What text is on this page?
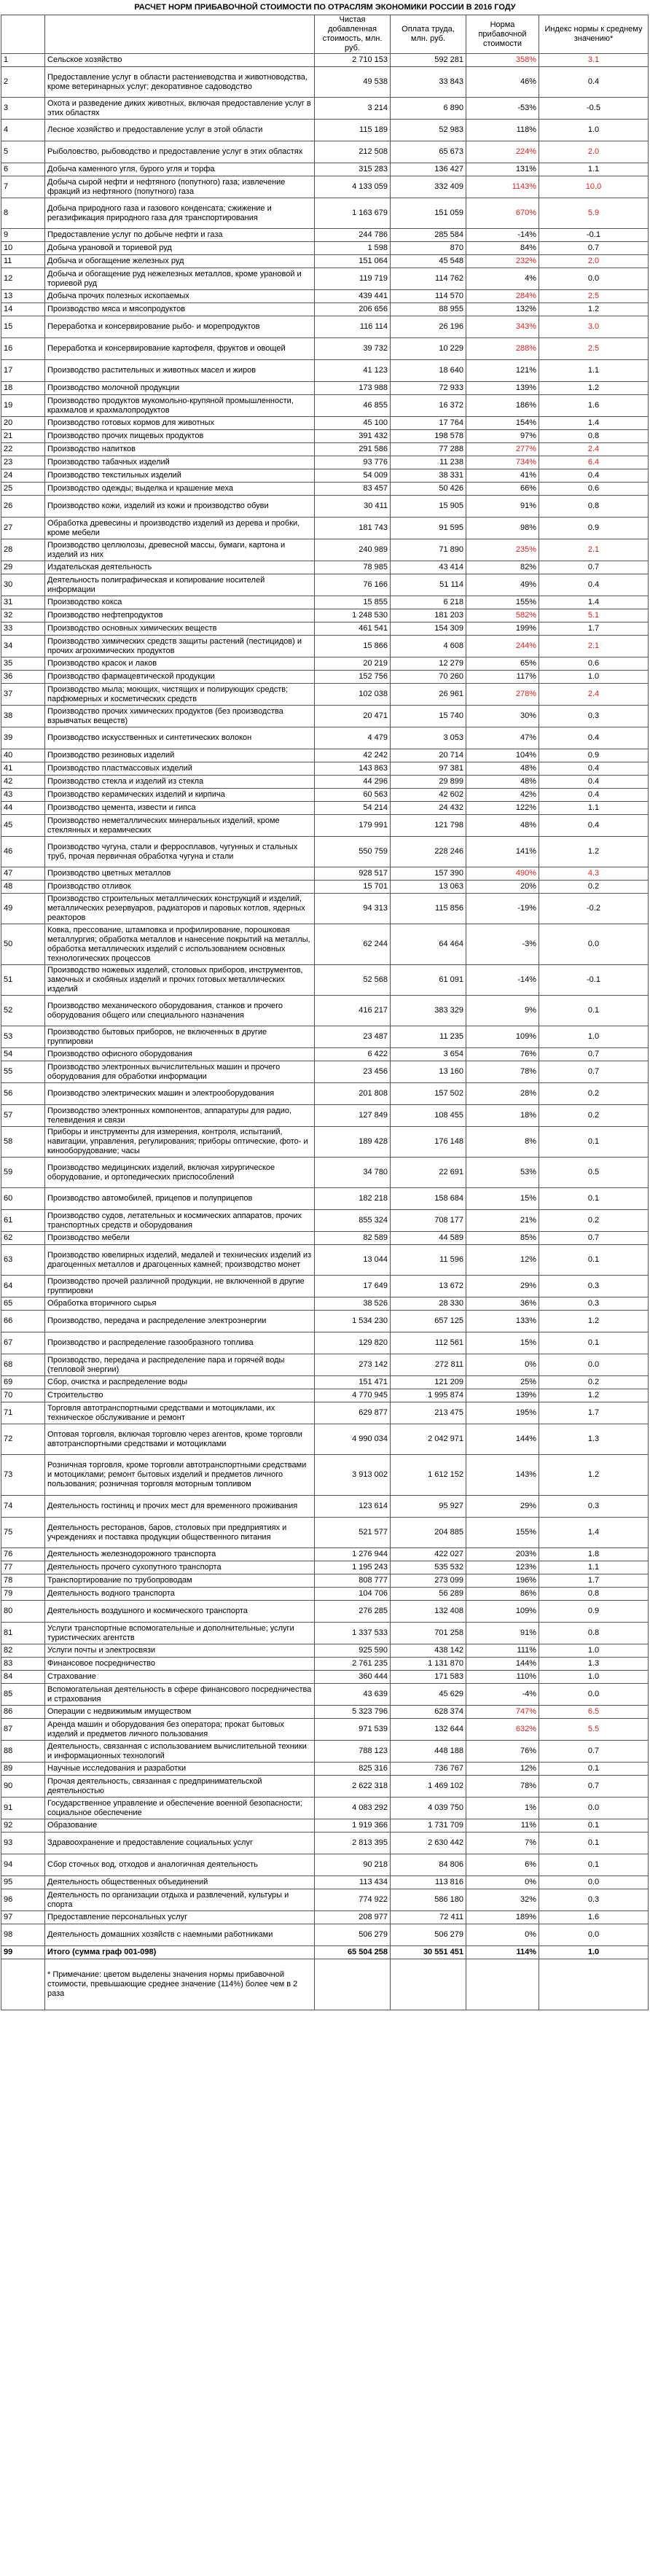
РАСЧЕТ НОРМ ПРИБАВОЧНОЙ СТОИМОСТИ ПО ОТРАСЛЯМ ЭКОНОМИКИ РОССИИ В 2016 ГОДУ
		Чистая добавленная стоимость, млн. руб.	Оплата труда, млн. руб.	Норма прибавочной стоимости	Индекс нормы к среднему значению*
1	Сельское хозяйство	2 710 153	592 281	358%	3.1
2	Предоставление услуг в области растениеводства и животноводства, кроме ветеринарных услуг; декоративное садоводство	49 538	33 843	46%	0.4
3	Охота и разведение диких животных, включая предоставление услуг в этих областях	3 214	6 890	-53%	-0.5
4	Лесное хозяйство и предоставление услуг в этой области	115 189	52 983	118%	1.0
5	Рыболовство, рыбоводство и предоставление услуг в этих областях	212 508	65 673	224%	2.0
6	Добыча каменного угля, бурого угля и торфа	315 283	136 427	131%	1.1
7	Добыча сырой нефти и нефтяного (попутного) газа; извлечение фракций из нефтяного (попутного) газа	4 133 059	332 409	1143%	10.0
8	Добыча природного газа и газового конденсата; сжижение и регазификация природного газа для транспортирования	1 163 679	151 059	670%	5.9
9	Предоставление услуг по добыче нефти и газа	244 786	285 584	-14%	-0.1
10	Добыча урановой и ториевой руд	1 598	870	84%	0.7
11	Добыча и обогащение железных руд	151 064	45 548	232%	2.0
12	Добыча и обогащение руд нежелезных металлов, кроме урановой и ториевой руд	119 719	114 762	4%	0.0
13	Добыча прочих полезных ископаемых	439 441	114 570	284%	2.5
14	Производство мяса и мясопродуктов	206 656	88 955	132%	1.2
15	Переработка и консервирование рыбо- и морепродуктов	116 114	26 196	343%	3.0
16	Переработка и консервирование картофеля, фруктов и овощей	39 732	10 229	288%	2.5
17	Производство растительных и животных масел и жиров	41 123	18 640	121%	1.1
18	Производство молочной продукции	173 988	72 933	139%	1.2
19	Производство продуктов мукомольно-крупяной промышленности, крахмалов и крахмалопродуктов	46 855	16 372	186%	1.6
20	Производство готовых кормов для животных	45 100	17 764	154%	1.4
21	Производство прочих пищевых продуктов	391 432	198 578	97%	0.8
22	Производство напитков	291 586	77 288	277%	2.4
23	Производство табачных изделий	93 776	11 238	734%	6.4
24	Производство текстильных изделий	54 009	38 331	41%	0.4
25	Производство одежды; выделка и крашение меха	83 457	50 426	66%	0.6
26	Производство кожи, изделий из кожи и производство обуви	30 411	15 905	91%	0.8
27	Обработка древесины и производство изделий из дерева и пробки, кроме мебели	181 743	91 595	98%	0.9
28	Производство целлюлозы, древесной массы, бумаги, картона и изделий из них	240 989	71 890	235%	2.1
29	Издательская деятельность	78 985	43 414	82%	0.7
30	Деятельность полиграфическая и копирование носителей информации	76 166	51 114	49%	0.4
31	Производство кокса	15 855	6 218	155%	1.4
32	Производство нефтепродуктов	1 248 530	181 203	582%	5.1
33	Производство основных химических веществ	461 541	154 309	199%	1.7
34	Производство химических средств защиты растений (пестицидов) и прочих агрохимических продуктов	15 866	4 608	244%	2.1
35	Производство красок и лаков	20 219	12 279	65%	0.6
36	Производство фармацевтической продукции	152 756	70 260	117%	1.0
37	Производство мыла; моющих, чистящих и полирующих средств; парфюмерных и косметических средств	102 038	26 961	278%	2.4
38	Производство прочих химических продуктов (без производства взрывчатых веществ)	20 471	15 740	30%	0.3
39	Производство искусственных и синтетических волокон	4 479	3 053	47%	0.4
40	Производство резиновых изделий	42 242	20 714	104%	0.9
41	Производство пластмассовых изделий	143 863	97 381	48%	0.4
42	Производство стекла и изделий из стекла	44 296	29 899	48%	0.4
43	Производство керамических изделий и кирпича	60 563	42 602	42%	0.4
44	Производство цемента, извести и гипса	54 214	24 432	122%	1.1
45	Производство неметаллических минеральных изделий, кроме стеклянных и керамических	179 991	121 798	48%	0.4
46	Производство чугуна, стали и ферросплавов, чугунных и стальных труб, прочая первичная обработка чугуна и стали	550 759	228 246	141%	1.2
47	Производство цветных металлов	928 517	157 390	490%	4.3
48	Производство отливок	15 701	13 063	20%	0.2
49	Производство строительных металлических конструкций и изделий, металлических резервуаров, радиаторов и паровых котлов, ядерных реакторов	94 313	115 856	-19%	-0.2
50	Ковка, прессование, штамповка и профилирование, порошковая металлургия; обработка металлов и нанесение покрытий на металлы, обработка металлических изделий с использованием основных технологических процессов	62 244	64 464	-3%	0.0
51	Производство ножевых изделий, столовых приборов, инструментов, замочных и скобяных изделий и прочих готовых металлических изделий	52 568	61 091	-14%	-0.1
52	Производство механического оборудования, станков и прочего оборудования общего или специального назначения	416 217	383 329	9%	0.1
53	Производство бытовых приборов, не включенных в другие группировки	23 487	11 235	109%	1.0
54	Производство офисного оборудования	6 422	3 654	76%	0.7
55	Производство электронных вычислительных машин и прочего оборудования для обработки информации	23 456	13 160	78%	0.7
56	Производство электрических машин и электрооборудования	201 808	157 502	28%	0.2
57	Производство электронных компонентов, аппаратуры для радио, телевидения и связи	127 849	108 455	18%	0.2
58	Приборы и инструменты для измерения, контроля, испытаний, навигации, управления, регулирования; приборы оптические, фото- и кинооборудование; часы	189 428	176 148	8%	0.1
59	Производство медицинских изделий, включая хирургическое оборудование, и ортопедических приспособлений	34 780	22 691	53%	0.5
60	Производство автомобилей, прицепов и полуприцепов	182 218	158 684	15%	0.1
61	Производство судов, летательных и космических аппаратов, прочих транспортных средств и оборудования	855 324	708 177	21%	0.2
62	Производство мебели	82 589	44 589	85%	0.7
63	Производство ювелирных изделий, медалей и технических изделий из драгоценных металлов и драгоценных камней; производство монет	13 044	11 596	12%	0.1
64	Производство прочей различной продукции, не включенной в другие группировки	17 649	13 672	29%	0.3
65	Обработка вторичного сырья	38 526	28 330	36%	0.3
66	Производство, передача и распределение электроэнергии	1 534 230	657 125	133%	1.2
67	Производство и распределение газообразного топлива	129 820	112 561	15%	0.1
68	Производство, передача и распределение пара и горячей воды (тепловой энергии)	273 142	272 811	0%	0.0
69	Сбор, очистка и распределение воды	151 471	121 209	25%	0.2
70	Строительство	4 770 945	1 995 874	139%	1.2
71	Торговля автотранспортными средствами и мотоциклами, их техническое обслуживание и ремонт	629 877	213 475	195%	1.7
72	Оптовая торговля, включая торговлю через агентов, кроме торговли автотранспортными средствами и мотоциклами	4 990 034	2 042 971	144%	1.3
73	Розничная торговля, кроме торговли автотранспортными средствами и мотоциклами; ремонт бытовых изделий и предметов личного пользования; розничная торговля моторным топливом	3 913 002	1 612 152	143%	1.2
74	Деятельность гостиниц и прочих мест для временного проживания	123 614	95 927	29%	0.3
75	Деятельность ресторанов, баров, столовых при предприятиях и учреждениях и поставка продукции общественного питания	521 577	204 885	155%	1.4
76	Деятельность железнодорожного транспорта	1 276 944	422 027	203%	1.8
77	Деятельность прочего сухопутного транспорта	1 195 243	535 532	123%	1.1
78	Транспортирование по трубопроводам	808 777	273 099	196%	1.7
79	Деятельность водного транспорта	104 706	56 289	86%	0.8
80	Деятельность воздушного и космического транспорта	276 285	132 408	109%	0.9
81	Услуги транспортные вспомогательные и дополнительные; услуги туристических агентств	1 337 533	701 258	91%	0.8
82	Услуги почты и электросвязи	925 590	438 142	111%	1.0
83	Финансовое посредничество	2 761 235	1 131 870	144%	1.3
84	Страхование	360 444	171 583	110%	1.0
85	Вспомогательная деятельность в сфере финансового посредничества и страхования	43 639	45 629	-4%	0.0
86	Операции с недвижимым имуществом	5 323 796	628 374	747%	6.5
87	Аренда машин и оборудования без оператора; прокат бытовых изделий и предметов личного пользования	971 539	132 644	632%	5.5
88	Деятельность, связанная с использованием вычислительной техники и информационных технологий	788 123	448 188	76%	0.7
89	Научные исследования и разработки	825 316	736 767	12%	0.1
90	Прочая деятельность, связанная с предпринимательской деятельностью	2 622 318	1 469 102	78%	0.7
91	Государственное управление и обеспечение военной безопасности; социальное обеспечение	4 083 292	4 039 750	1%	0.0
92	Образование	1 919 366	1 731 709	11%	0.1
93	Здравоохранение и предоставление социальных услуг	2 813 395	2 630 442	7%	0.1
94	Сбор сточных вод, отходов и аналогичная деятельность	90 218	84 806	6%	0.1
95	Деятельность общественных объединений	113 434	113 816	0%	0.0
96	Деятельность по организации отдыха и развлечений, культуры и спорта	774 922	586 180	32%	0.3
97	Предоставление персональных услуг	208 977	72 411	189%	1.6
98	Деятельность домашних хозяйств с наемными работниками	506 279	506 279	0%	0.0
99	Итого (сумма граф 001-098)	65 504 258	30 551 451	114%	1.0
	* Примечание: цветом выделены значения нормы прибавочной стоимости, превышающие среднее значение (114%) более чем в 2 раза				
